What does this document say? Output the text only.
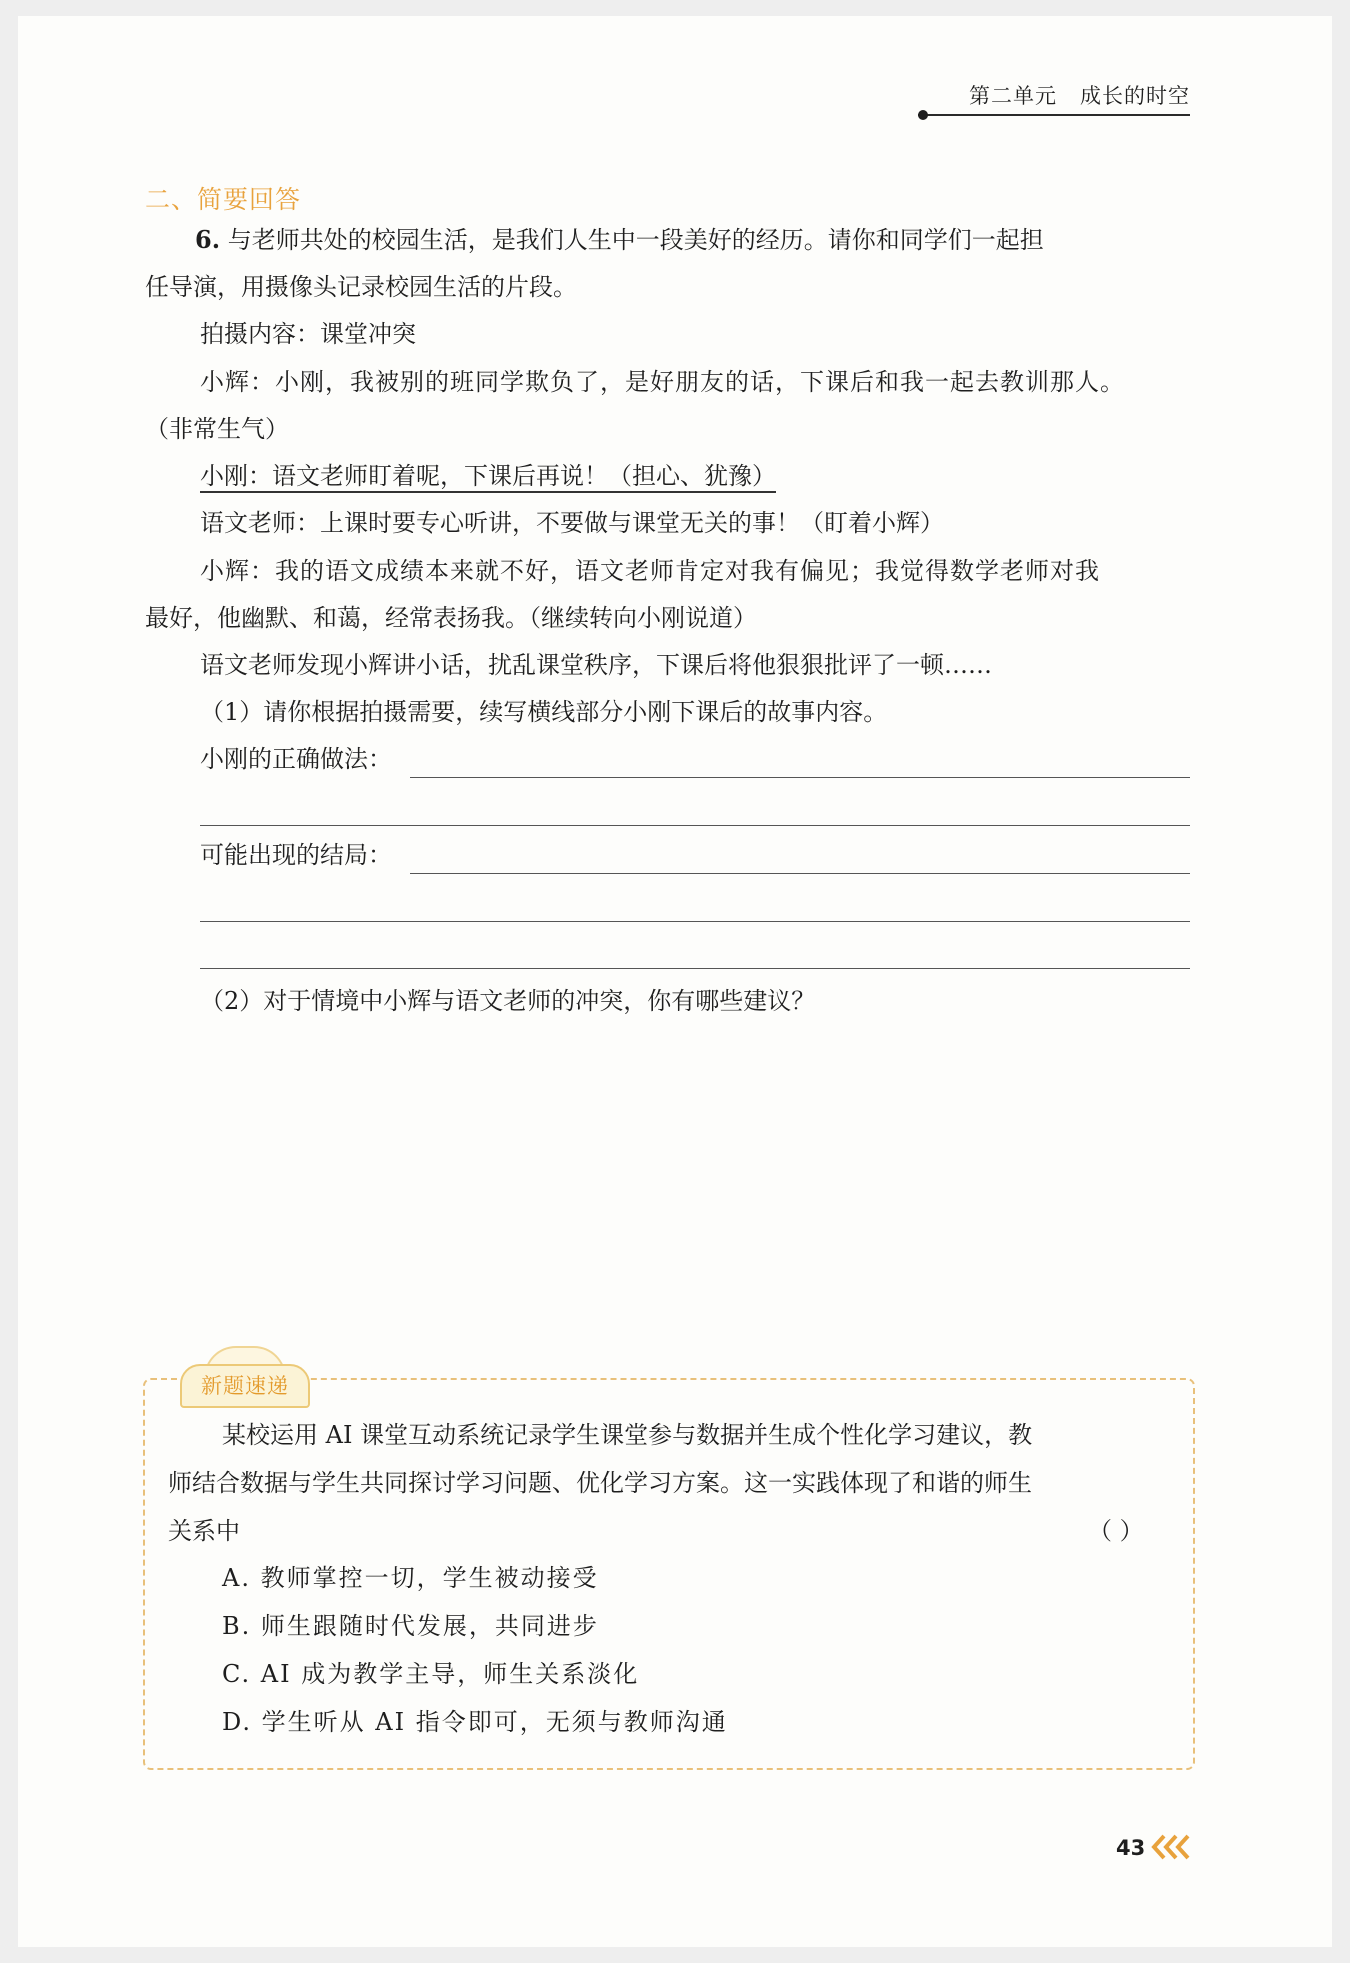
第二单元   成长的时空
二、简要回答
6. 与老师共处的校园生活，是我们人生中一段美好的经历。请你和同学们一起担
任导演，用摄像头记录校园生活的片段。
拍摄内容：课堂冲突
小辉：小刚，我被别的班同学欺负了，是好朋友的话，下课后和我一起去教训那人。
（非常生气）
小刚：语文老师盯着呢，下课后再说！（担心、犹豫）
语文老师：上课时要专心听讲，不要做与课堂无关的事！（盯着小辉）
小辉：我的语文成绩本来就不好，语文老师肯定对我有偏见；我觉得数学老师对我
最好，他幽默、和蔼，经常表扬我。（继续转向小刚说道）
语文老师发现小辉讲小话，扰乱课堂秩序，下课后将他狠狠批评了一顿……
（1）请你根据拍摄需要，续写横线部分小刚下课后的故事内容。
小刚的正确做法：
可能出现的结局：
（2）对于情境中小辉与语文老师的冲突，你有哪些建议？
新题速递
某校运用 AI 课堂互动系统记录学生课堂参与数据并生成个性化学习建议，教
师结合数据与学生共同探讨学习问题、优化学习方案。这一实践体现了和谐的师生
关系中	（ ）
A. 教师掌控一切，学生被动接受
B. 师生跟随时代发展，共同进步
C. AI 成为教学主导，师生关系淡化
D. 学生听从 AI 指令即可，无须与教师沟通
43
